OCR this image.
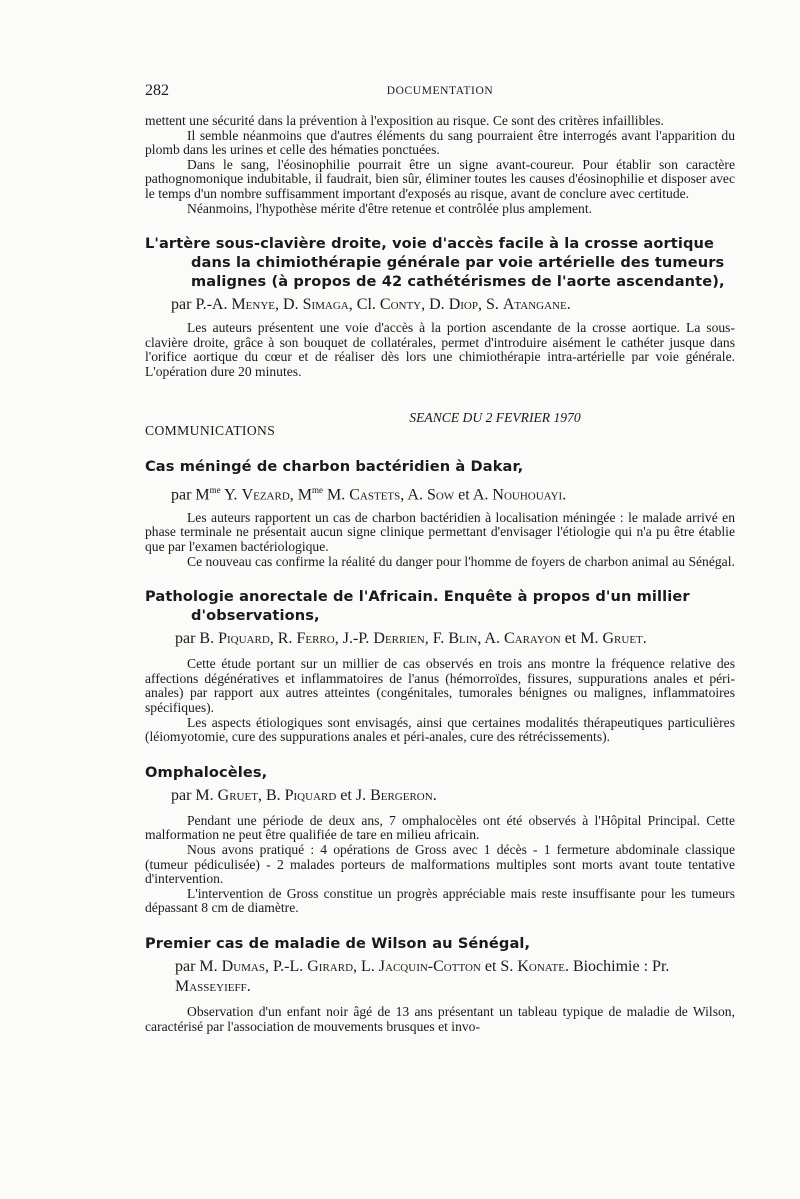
282	DOCUMENTATION

mettent une sécurité dans la prévention à l'exposition au risque. Ce sont des critères infaillibles.

Il semble néanmoins que d'autres éléments du sang pourraient être interrogés avant l'apparition du plomb dans les urines et celle des hématies ponctuées.

Dans le sang, l'éosinophilie pourrait être un signe avant-coureur. Pour établir son caractère pathognomonique indubitable, il faudrait, bien sûr, éliminer toutes les causes d'éosinophilie et disposer avec le temps d'un nombre suffisamment important d'exposés au risque, avant de conclure avec certitude.

Néanmoins, l'hypothèse mérite d'être retenue et contrôlée plus amplement.

L'artère sous-clavière droite, voie d'accès facile à la crosse aortique dans la chimiothérapie générale par voie artérielle des tumeurs malignes (à propos de 42 cathétérismes de l'aorte ascendante),
par P.-A. Menye, D. Simaga, Cl. Conty, D. Diop, S. Atangane.

Les auteurs présentent une voie d'accès à la portion ascendante de la crosse aortique. La sous-clavière droite, grâce à son bouquet de collatérales, permet d'introduire aisément le cathéter jusque dans l'orifice aortique du cœur et de réaliser dès lors une chimiothérapie intra-artérielle par voie générale. L'opération dure 20 minutes.

SEANCE DU 2 FEVRIER 1970
COMMUNICATIONS
Cas méningé de charbon bactéridien à Dakar,
par $M^{me}$ Y. Vezard, $M^{me}$ M. Castets, A. Sow et A. Nouhouayi.

Les auteurs rapportent un cas de charbon bactéridien à localisation méningée : le malade arrivé en phase terminale ne présentait aucun signe clinique permettant d'envisager l'étiologie qui n'a pu être établie que par l'examen bactériologique.

Ce nouveau cas confirme la réalité du danger pour l'homme de foyers de charbon animal au Sénégal.

Pathologie anorectale de l'Africain. Enquête à propos d'un millier d'observations,
par B. Piquard, R. Ferro, J.-P. Derrien, F. Blin, A. Carayon et M. Gruet.

Cette étude portant sur un millier de cas observés en trois ans montre la fréquence relative des affections dégénératives et inflammatoires de l'anus (hémorroïdes, fissures, suppurations anales et péri-anales) par rapport aux autres atteintes (congénitales, tumorales bénignes ou malignes, inflammatoires spécifiques).

Les aspects étiologiques sont envisagés, ainsi que certaines modalités thérapeutiques particulières (léiomyotomie, cure des suppurations anales et péri-anales, cure des rétrécissements).

Omphalocèles,
par M. Gruet, B. Piquard et J. Bergeron.

Pendant une période de deux ans, 7 omphalocèles ont été observés à l'Hôpital Principal. Cette malformation ne peut être qualifiée de tare en milieu africain.

Nous avons pratiqué : 4 opérations de Gross avec 1 décès - 1 fermeture abdominale classique (tumeur pédiculisée) - 2 malades porteurs de malformations multiples sont morts avant toute tentative d'intervention.

L'intervention de Gross constitue un progrès appréciable mais reste insuffisante pour les tumeurs dépassant 8 cm de diamètre.

Premier cas de maladie de Wilson au Sénégal,
par M. Dumas, P.-L. Girard, L. Jacquin-Cotton et S. Konate. Biochimie : Pr. Masseyieff.

Observation d'un enfant noir âgé de 13 ans présentant un tableau typique de maladie de Wilson, caractérisé par l'association de mouvements brusques et invo-
